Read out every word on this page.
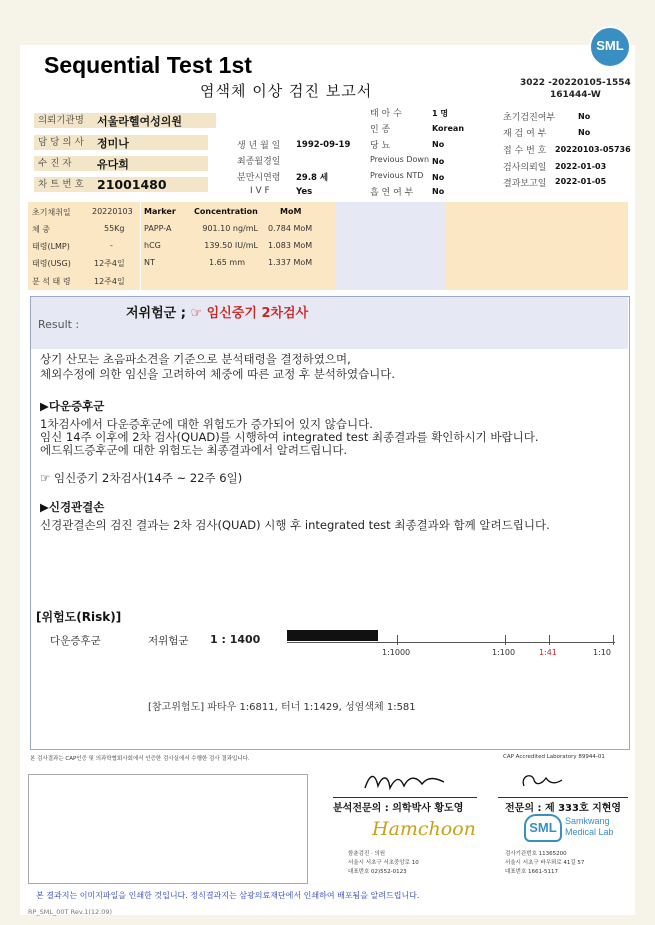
SML
Sequential Test 1st
염색체 이상 검진 보고서	3022 -20220105-1554
161444-W
의뢰기관명	서울라헬여성의원
담 당 의 사	정미나
수 진 자	유다희
차 트 번 호	21001480
생 년 월 일 1992-09-19
최종월경일
분만시연령 29.8 세
I V F	Yes
태 아 수	1 명
인 종	Korean
당 뇨	No
Previous Down No
Previous NTD No
흡 연 여 부 No
초기검진여부	No
재 검 여 부	No
접 수 번 호 20220103-05736
검사의뢰일 2022-01-03
결과보고일 2022-01-05
초기채취일	20220103
체 중	55Kg
태령(LMP)	-
태령(USG)	12주4일
분 석 태 령	12주4일
Marker Concentration	MoM
PAPP-A	901.10 ng/mL 0.784 MoM
hCG	139.50 IU/mL 1.083 MoM
NT	1.65 mm	1.337 MoM
Result :
저위험군 ; ☞ 임신중기 2차검사
상기 산모는 초음파소견을 기준으로 분석태령을 결정하였으며,
체외수정에 의한 임신을 고려하여 체중에 따른 교정 후 분석하였습니다.
▶다운증후군
1차검사에서 다운증후군에 대한 위험도가 증가되어 있지 않습니다.
임신 14주 이후에 2차 검사(QUAD)를 시행하여 integrated test 최종결과를 확인하시기 바랍니다.
에드워드증후군에 대한 위험도는 최종결과에서 알려드립니다.
☞ 임신중기 2차검사(14주 ~ 22주 6일)
▶신경관결손
신경관결손의 검진 결과는 2차 검사(QUAD) 시행 후 integrated test 최종결과와 함께 알려드립니다.
[위험도(Risk)]
다운증후군	저위험군 1 : 1400
1:1000	1:100	1:41	1:10
[참고위험도] 파타우 1:6811, 터너 1:1429, 성염색체 1:581
본 검사결과는 CAP인증 및 의과학협회사회에서 인증한 검사실에서 수행한 검사 결과입니다.	CAP Accredited Laboratory 89944-01
분석전문의 : 의학박사 황도영	전문의 : 제 333호 지현영
Hamchoon
함춘검진 · 의원
서울시 서초구 서초중앙로 10
대표번호 02)552-0123
SML Samkwang
Medical Lab
검사기관번호 11365200
서울시 서초구 바우뫼로 41길 57
대표번호 1661-5117
본 결과지는 이미지파일을 인쇄한 것입니다. 정식결과지는 삼광의료재단에서 인쇄하여 배포됨을 알려드립니다.
RP_SML_00T Rev.1(12.09)
